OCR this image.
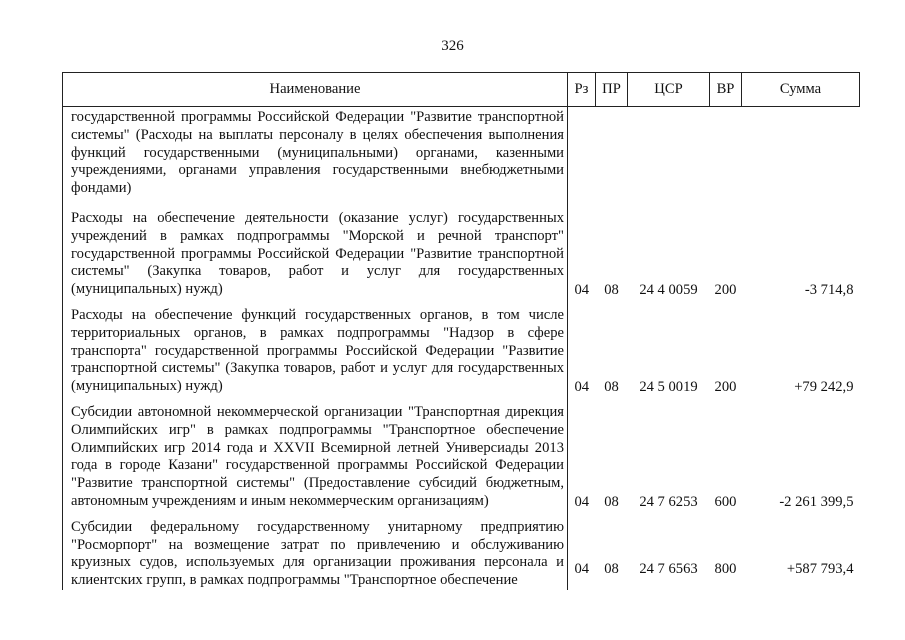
326
Наименование	Рз	ПР	ЦСР	ВР	Сумма

государственной программы Российской Федерации "Развитие транспортной системы" (Расходы на выплаты персоналу в целях обеспечения выполнения функций государственными (муниципальными) органами, казенными учреждениями, органами управления государственными внебюджетными фондами)					

Расходы на обеспечение деятельности (оказание услуг) государственных учреждений в рамках подпрограммы "Морской и речной транспорт" государственной программы Российской Федерации "Развитие транспортной системы" (Закупка товаров, работ и услуг для государственных (муниципальных) нужд)	04	08	24 4 0059	200	-3 714,8

Расходы на обеспечение функций государственных органов, в том числе территориальных органов, в рамках подпрограммы "Надзор в сфере транспорта" государственной программы Российской Федерации "Развитие транспортной системы" (Закупка товаров, работ и услуг для государственных (муниципальных) нужд)	04	08	24 5 0019	200	+79 242,9

Субсидии автономной некоммерческой организации "Транспортная дирекция Олимпийских игр" в рамках подпрограммы "Транспортное обеспечение Олимпийских игр 2014 года и XXVII Всемирной летней Универсиады 2013 года в городе Казани" государственной программы Российской Федерации "Развитие транспортной системы" (Предоставление субсидий бюджетным, автономным учреждениям и иным некоммерческим организациям)	04	08	24 7 6253	600	-2 261 399,5

Субсидии федеральному государственному унитарному предприятию "Росморпорт" на возмещение затрат по привлечению и обслуживанию круизных судов, используемых для организации проживания персонала и клиентских групп, в рамках подпрограммы "Транспортное обеспечение	04	08	24 7 6563	800	+587 793,4
